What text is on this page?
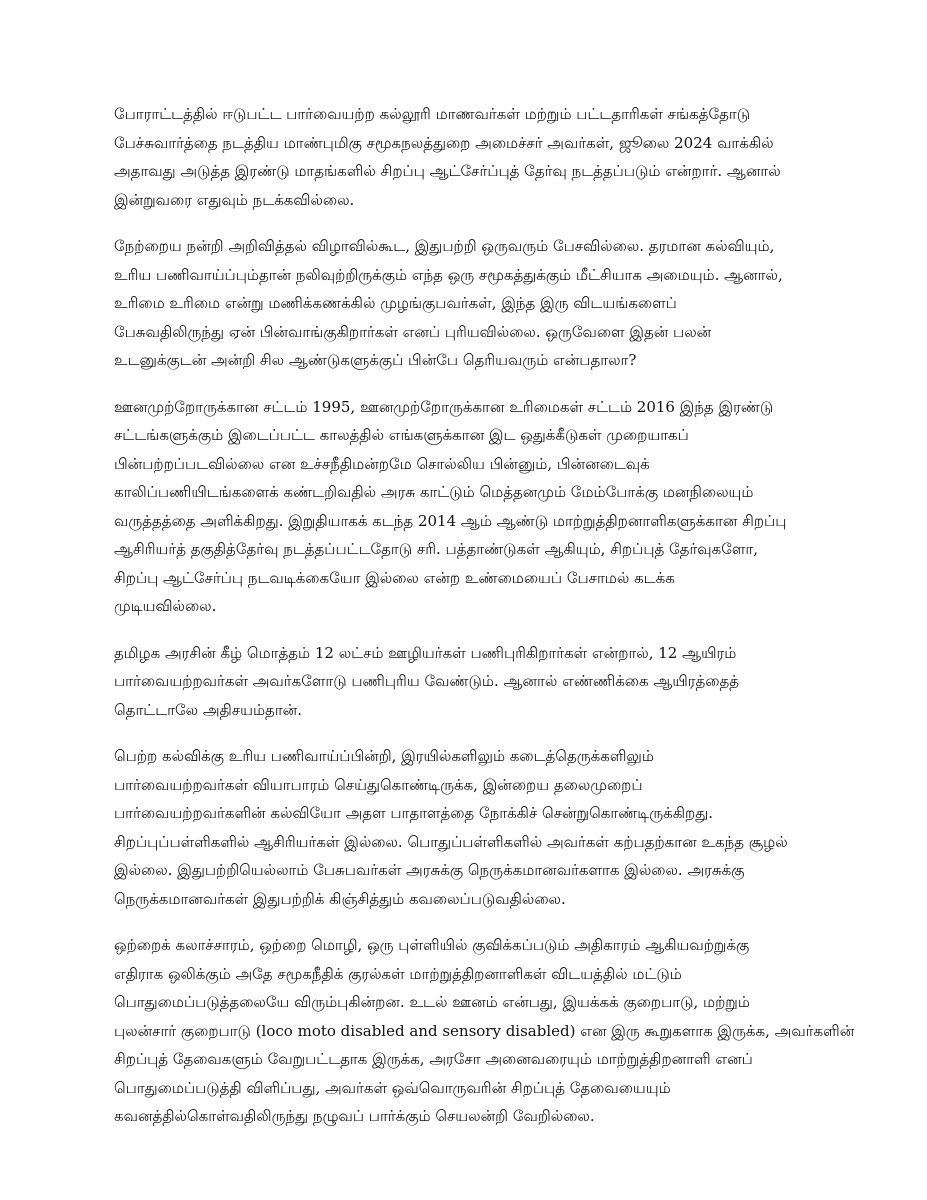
போராட்டத்தில் ஈடுபட்ட பார்வையற்ற கல்லூரி மாணவர்கள் மற்றும் பட்டதாரிகள் சங்கத்தோடு
பேச்சுவார்த்தை நடத்திய மாண்புமிகு சமூகநலத்துறை அமைச்சர் அவர்கள், ஜூலை 2024 வாக்கில்
அதாவது அடுத்த இரண்டு மாதங்களில் சிறப்பு ஆட்சேர்ப்புத் தேர்வு நடத்தப்படும் என்றார். ஆனால்
இன்றுவரை எதுவும் நடக்கவில்லை.

நேற்றைய நன்றி அறிவித்தல் விழாவில்கூட, இதுபற்றி ஒருவரும் பேசவில்லை. தரமான கல்வியும்,
உரிய பணிவாய்ப்பும்தான் நலிவுற்றிருக்கும் எந்த ஒரு சமூகத்துக்கும் மீட்சியாக அமையும். ஆனால்,
உரிமை உரிமை என்று மணிக்கணக்கில் முழங்குபவர்கள், இந்த இரு விடயங்களைப்
பேசுவதிலிருந்து ஏன் பின்வாங்குகிறார்கள் எனப் புரியவில்லை. ஒருவேளை இதன் பலன்
உடனுக்குடன் அன்றி சில ஆண்டுகளுக்குப் பின்பே தெரியவரும் என்பதாலா?

ஊனமுற்றோருக்கான சட்டம் 1995, ஊனமுற்றோருக்கான உரிமைகள் சட்டம் 2016 இந்த இரண்டு
சட்டங்களுக்கும் இடைப்பட்ட காலத்தில் எங்களுக்கான இட ஒதுக்கீடுகள் முறையாகப்
பின்பற்றப்படவில்லை என உச்சநீதிமன்றமே சொல்லிய பின்னும், பின்னடைவுக்
காலிப்பணியிடங்களைக் கண்டறிவதில் அரசு காட்டும் மெத்தனமும் மேம்போக்கு மனநிலையும்
வருத்தத்தை அளிக்கிறது. இறுதியாகக் கடந்த 2014 ஆம் ஆண்டு மாற்றுத்திறனாளிகளுக்கான சிறப்பு
ஆசிரியர்த் தகுதித்தேர்வு நடத்தப்பட்டதோடு சரி. பத்தாண்டுகள் ஆகியும், சிறப்புத் தேர்வுகளோ,
சிறப்பு ஆட்சேர்ப்பு நடவடிக்கையோ இல்லை என்ற உண்மையைப் பேசாமல் கடக்க
முடியவில்லை.

தமிழக அரசின் கீழ் மொத்தம் 12 லட்சம் ஊழியர்கள் பணிபுரிகிறார்கள் என்றால், 12 ஆயிரம்
பார்வையற்றவர்கள் அவர்களோடு பணிபுரிய வேண்டும். ஆனால் எண்ணிக்கை ஆயிரத்தைத்
தொட்டாலே அதிசயம்தான்.

பெற்ற கல்விக்கு உரிய பணிவாய்ப்பின்றி, இரயில்களிலும் கடைத்தெருக்களிலும்
பார்வையற்றவர்கள் வியாபாரம் செய்துகொண்டிருக்க, இன்றைய தலைமுறைப்
பார்வையற்றவர்களின் கல்வியோ அதள பாதாளத்தை நோக்கிச் சென்றுகொண்டிருக்கிறது.
சிறப்புப்பள்ளிகளில் ஆசிரியர்கள் இல்லை. பொதுப்பள்ளிகளில் அவர்கள் கற்பதற்கான உகந்த சூழல்
இல்லை. இதுபற்றியெல்லாம் பேசுபவர்கள் அரசுக்கு நெருக்கமானவர்களாக இல்லை. அரசுக்கு
நெருக்கமானவர்கள் இதுபற்றிக் கிஞ்சித்தும் கவலைப்படுவதில்லை.

ஒற்றைக் கலாச்சாரம், ஒற்றை மொழி, ஒரு புள்ளியில் குவிக்கப்படும் அதிகாரம் ஆகியவற்றுக்கு
எதிராக ஒலிக்கும் அதே சமூகநீதிக் குரல்கள் மாற்றுத்திறனாளிகள் விடயத்தில் மட்டும்
பொதுமைப்படுத்தலையே விரும்புகின்றன. உடல் ஊனம் என்பது, இயக்கக் குறைபாடு, மற்றும்
புலன்சார் குறைபாடு (loco moto disabled and sensory disabled) என இரு கூறுகளாக இருக்க, அவர்களின்
சிறப்புத் தேவைகளும் வேறுபட்டதாக இருக்க, அரசோ அனைவரையும் மாற்றுத்திறனாளி எனப்
பொதுமைப்படுத்தி விளிப்பது, அவர்கள் ஒவ்வொருவரின் சிறப்புத் தேவையையும்
கவனத்தில்கொள்வதிலிருந்து நழுவப் பார்க்கும் செயலன்றி வேறில்லை.
